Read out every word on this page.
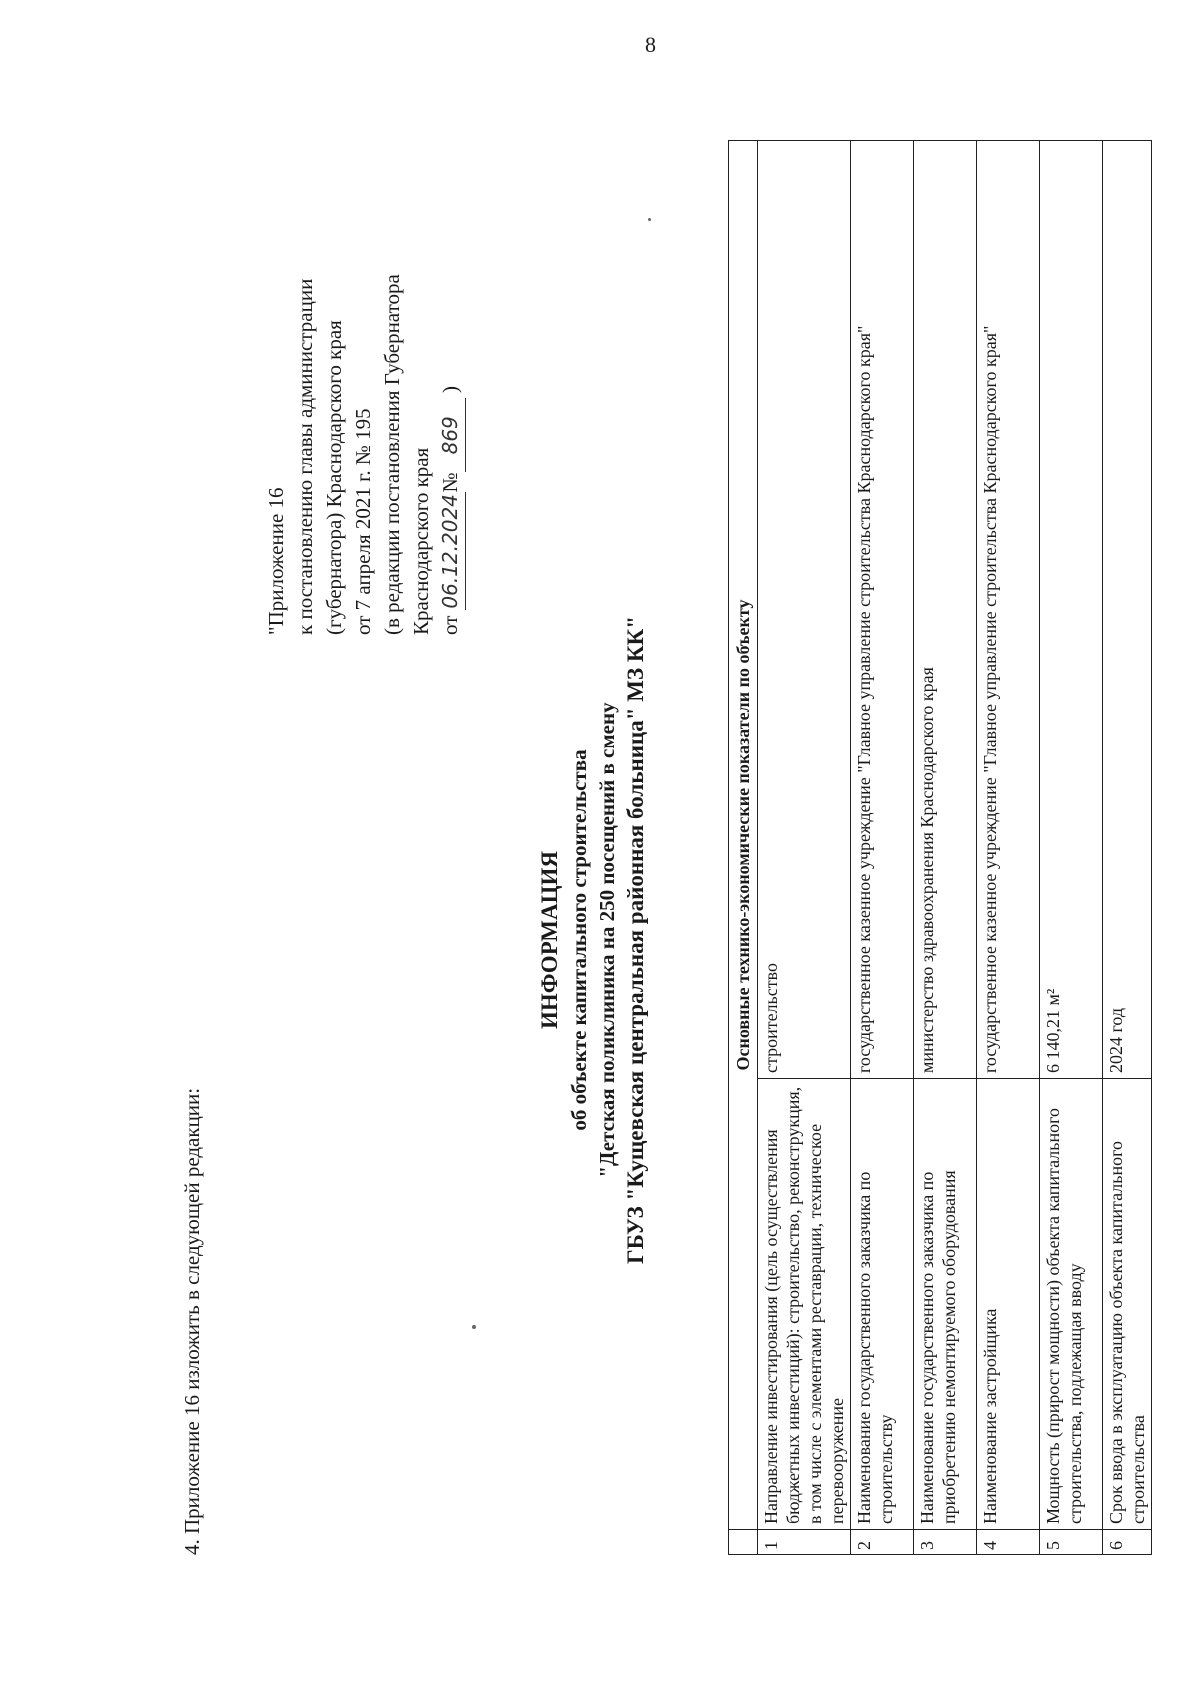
8
4. Приложение 16 изложить в следующей редакции:
"Приложение 16 к постановлению главы администрации (губернатора) Краснодарского края от 7 апреля 2021 г. № 195 (в редакции постановления Губернатора Краснодарского края от 06.12.2024№869 )
ИНФОРМАЦИЯ об объекте капитального строительства "Детская поликлиника на 250 посещений в смену ГБУЗ "Кущевская центральная районная больница" МЗ КК"
		Основные технико-экономические показатели по объекту	
1	Направление инвестирования (цель осуществления бюджетных инвестиций): строительство, реконструкция, в том числе с элементами реставрации, техническое перевооружение	строительство
2	Наименование государственного заказчика по строительству	государственное казенное учреждение "Главное управление строительства Краснодарского края"
3	Наименование государственного заказчика по приобретению немонтируемого оборудования	министерство здравоохранения Краснодарского края
4	Наименование застройщика	государственное казенное учреждение "Главное управление строительства Краснодарского края"
5	Мощность (прирост мощности) объекта капитального строительства, подлежащая вводу	6 140,21 м²
6	Срок ввода в эксплуатацию объекта капитального строительства	2024 год
